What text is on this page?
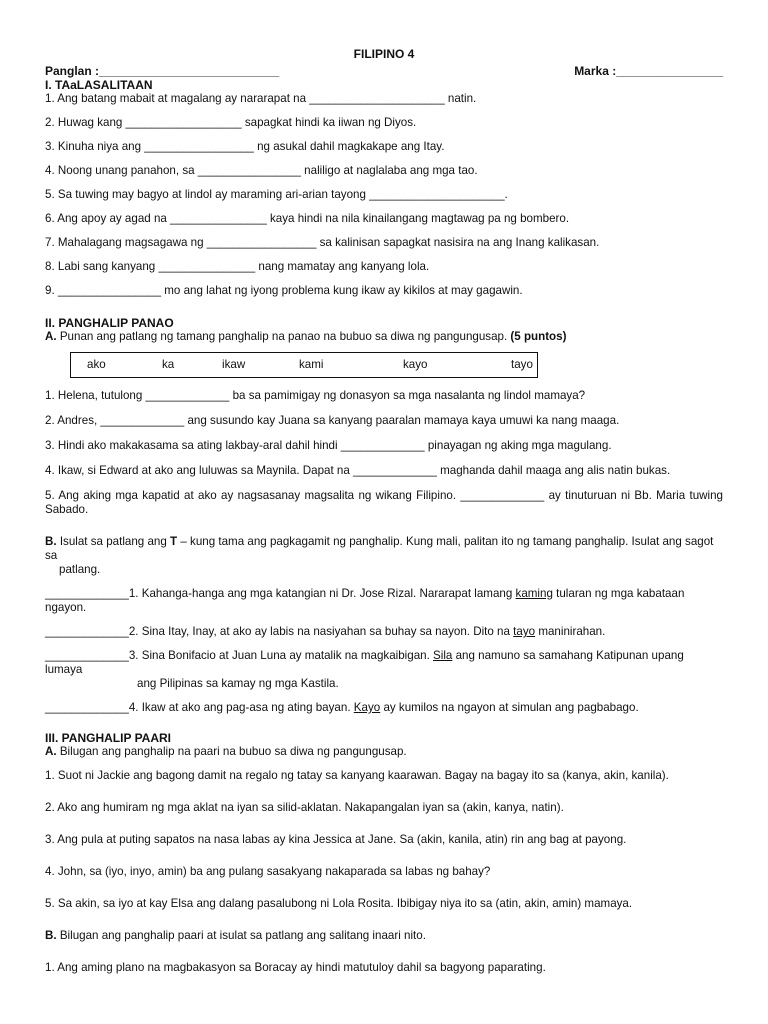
FILIPINO 4
Panglan :___________________________	Marka :________________
I. TAaLASALITAAN
1. Ang batang mabait at magalang ay nararapat na _____________________ natin.
2. Huwag kang __________________ sapagkat hindi ka iiwan ng Diyos.
3. Kinuha niya ang _________________ ng asukal dahil magkakape ang Itay.
4. Noong unang panahon, sa ________________ naliligo at naglalaba ang mga tao.
5. Sa tuwing may bagyo at lindol ay maraming ari-arian tayong _____________________.
6. Ang apoy ay agad na _______________ kaya hindi na nila kinailangang magtawag pa ng bombero.
7. Mahalagang magsagawa ng _________________ sa kalinisan sapagkat nasisira na ang Inang kalikasan.
8. Labi sang kanyang _______________ nang mamatay ang kanyang lola.
9. ________________ mo ang lahat ng iyong problema kung ikaw ay kikilos at may gagawin.
II. PANGHALIP PANAO
A. Punan ang patlang ng tamang panghalip na panao na bubuo sa diwa ng pangungusap. (5 puntos)
ako	ka	ikaw	kami	kayo	tayo
1. Helena, tutulong _____________ ba sa pamimigay ng donasyon sa mga nasalanta ng lindol mamaya?
2. Andres, _____________ ang susundo kay Juana sa kanyang paaralan mamaya kaya umuwi ka nang maaga.
3. Hindi ako makakasama sa ating lakbay-aral dahil hindi _____________ pinayagan ng aking mga magulang.
4. Ikaw, si Edward at ako ang luluwas sa Maynila. Dapat na _____________ maghanda dahil maaga ang alis natin bukas.
5. Ang aking mga kapatid at ako ay nagsasanay magsalita ng wikang Filipino. _____________ ay tinuturuan ni Bb. Maria tuwing Sabado.
B. Isulat sa patlang ang T – kung tama ang pagkagamit ng panghalip. Kung mali, palitan ito ng tamang panghalip. Isulat ang sagot sa
patlang.
_____________1. Kahanga-hanga ang mga katangian ni Dr. Jose Rizal. Nararapat lamang kaming tularan ng mga kabataan ngayon.
_____________2. Sina Itay, Inay, at ako ay labis na nasiyahan sa buhay sa nayon. Dito na tayo maninirahan.
_____________3. Sina Bonifacio at Juan Luna ay matalik na magkaibigan. Sila ang namuno sa samahang Katipunan upang lumaya
ang Pilipinas sa kamay ng mga Kastila.
_____________4. Ikaw at ako ang pag-asa ng ating bayan. Kayo ay kumilos na ngayon at simulan ang pagbabago.
III. PANGHALIP PAARI
A. Bilugan ang panghalip na paari na bubuo sa diwa ng pangungusap.
1. Suot ni Jackie ang bagong damit na regalo ng tatay sa kanyang kaarawan. Bagay na bagay ito sa (kanya, akin, kanila).
2. Ako ang humiram ng mga aklat na iyan sa silid-aklatan. Nakapangalan iyan sa (akin, kanya, natin).
3. Ang pula at puting sapatos na nasa labas ay kina Jessica at Jane. Sa (akin, kanila, atin) rin ang bag at payong.
4. John, sa (iyo, inyo, amin) ba ang pulang sasakyang nakaparada sa labas ng bahay?
5. Sa akin, sa iyo at kay Elsa ang dalang pasalubong ni Lola Rosita. Ibibigay niya ito sa (atin, akin, amin) mamaya.
B. Bilugan ang panghalip paari at isulat sa patlang ang salitang inaari nito.
1. Ang aming plano na magbakasyon sa Boracay ay hindi matutuloy dahil sa bagyong paparating.
